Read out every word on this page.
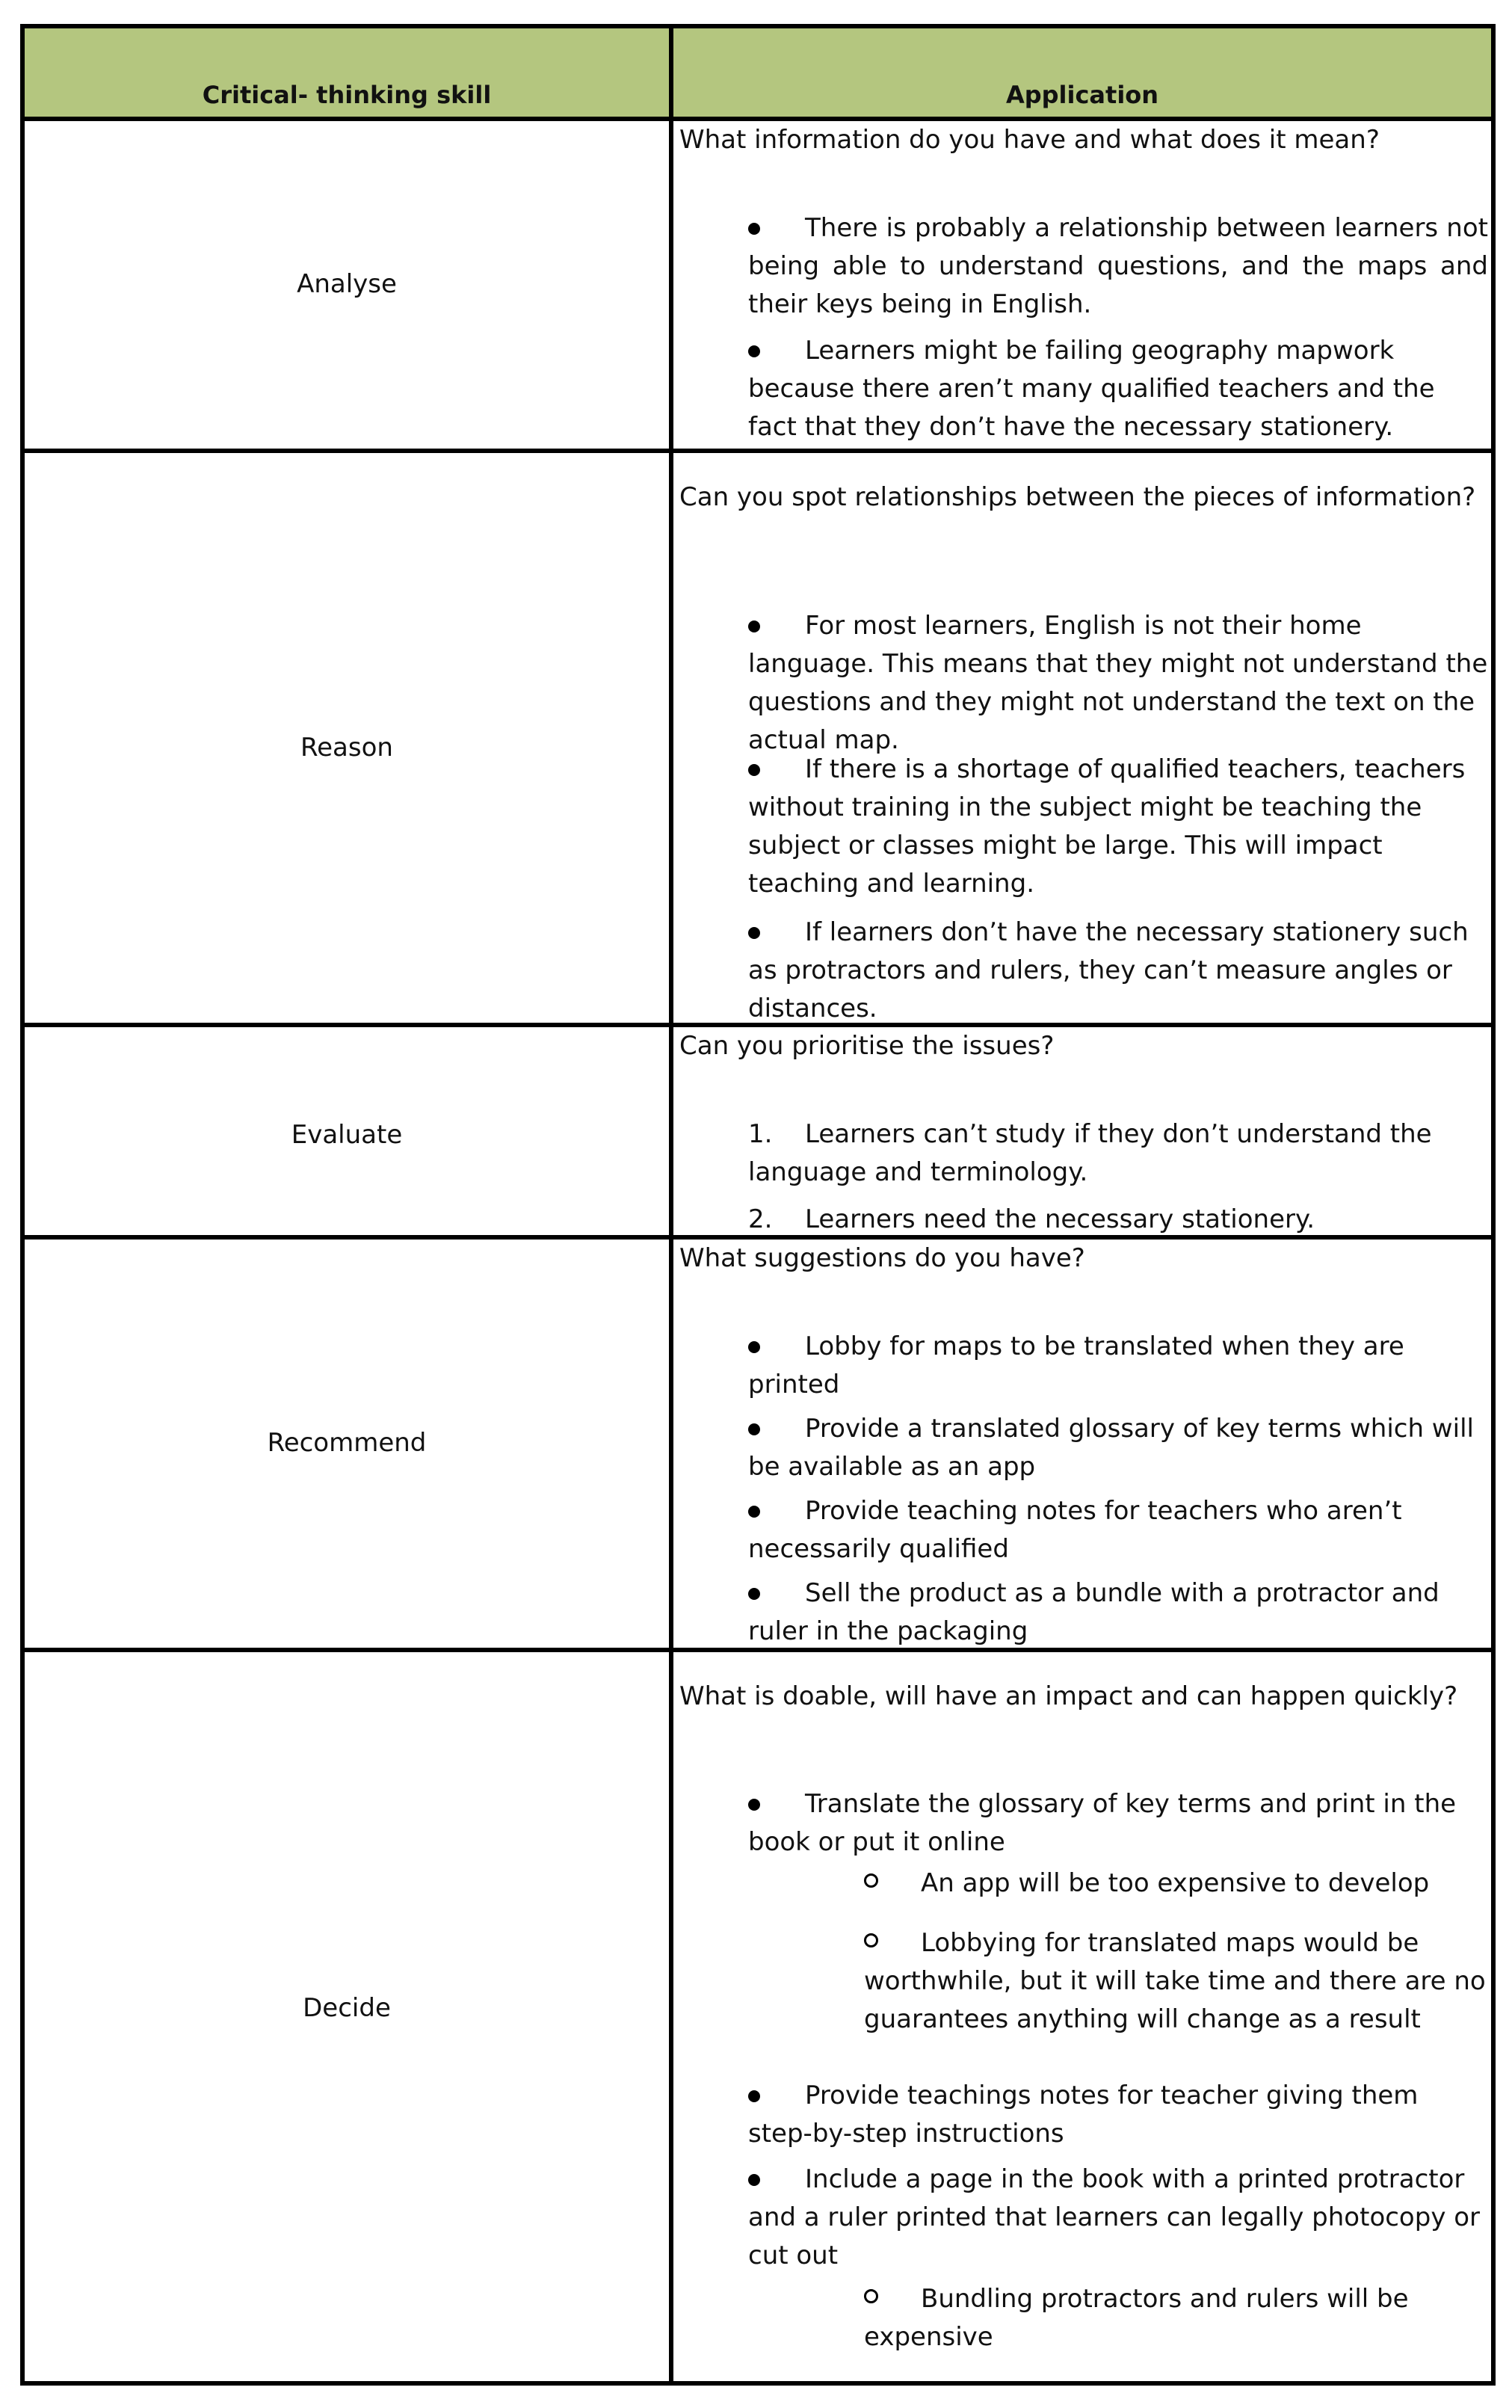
Critical- thinking skill	Application
Analyse
What information do you have and what does it mean?
There is probably a relationship between learners not being able to understand questions, and the maps and their keys being in English.
Learners might be failing geography mapwork because there aren’t many qualified teachers and the fact that they don’t have the necessary stationery.
Reason
Can you spot relationships between the pieces of information?
For most learners, English is not their home language. This means that they might not understand the questions and they might not understand the text on the actual map.
If there is a shortage of qualified teachers, teachers without training in the subject might be teaching the subject or classes might be large. This will impact teaching and learning.
If learners don’t have the necessary stationery such as protractors and rulers, they can’t measure angles or distances.
Evaluate
Can you prioritise the issues?
1. Learners can’t study if they don’t understand the language and terminology.
2. Learners need the necessary stationery.
Recommend
What suggestions do you have?
Lobby for maps to be translated when they are printed
Provide a translated glossary of key terms which will be available as an app
Provide teaching notes for teachers who aren’t necessarily qualified
Sell the product as a bundle with a protractor and ruler in the packaging
Decide
What is doable, will have an impact and can happen quickly?
Translate the glossary of key terms and print in the book or put it online
An app will be too expensive to develop
Lobbying for translated maps would be worthwhile, but it will take time and there are no guarantees anything will change as a result
Provide teachings notes for teacher giving them step-by-step instructions
Include a page in the book with a printed protractor and a ruler printed that learners can legally photocopy or cut out
Bundling protractors and rulers will be expensive
